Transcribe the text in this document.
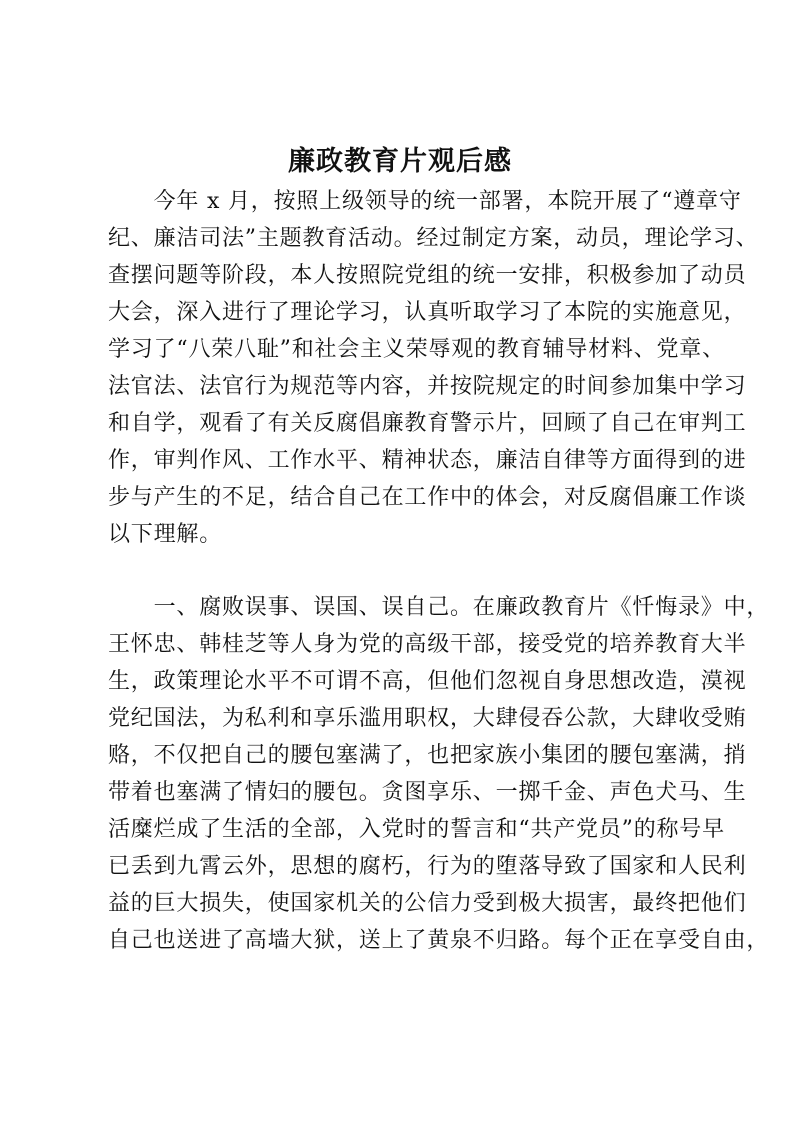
廉政教育片观后感
　　今年 x 月，按照上级领导的统一部署，本院开展了“遵章守
纪、廉洁司法”主题教育活动。经过制定方案，动员，理论学习、
查摆问题等阶段，本人按照院党组的统一安排，积极参加了动员
大会，深入进行了理论学习，认真听取学习了本院的实施意见，
学习了“八荣八耻”和社会主义荣辱观的教育辅导材料、党章、
法官法、法官行为规范等内容，并按院规定的时间参加集中学习
和自学，观看了有关反腐倡廉教育警示片，回顾了自己在审判工
作，审判作风、工作水平、精神状态，廉洁自律等方面得到的进
步与产生的不足，结合自己在工作中的体会，对反腐倡廉工作谈
以下理解。
　　一、腐败误事、误国、误自己。在廉政教育片《忏悔录》中，
王怀忠、韩桂芝等人身为党的高级干部，接受党的培养教育大半
生，政策理论水平不可谓不高，但他们忽视自身思想改造，漠视
党纪国法，为私利和享乐滥用职权，大肆侵吞公款，大肆收受贿
赂，不仅把自己的腰包塞满了，也把家族小集团的腰包塞满，捎
带着也塞满了情妇的腰包。贪图享乐、一掷千金、声色犬马、生
活糜烂成了生活的全部，入党时的誓言和“共产党员”的称号早
已丢到九霄云外，思想的腐朽，行为的堕落导致了国家和人民利
益的巨大损失，使国家机关的公信力受到极大损害，最终把他们
自己也送进了高墙大狱，送上了黄泉不归路。每个正在享受自由，
